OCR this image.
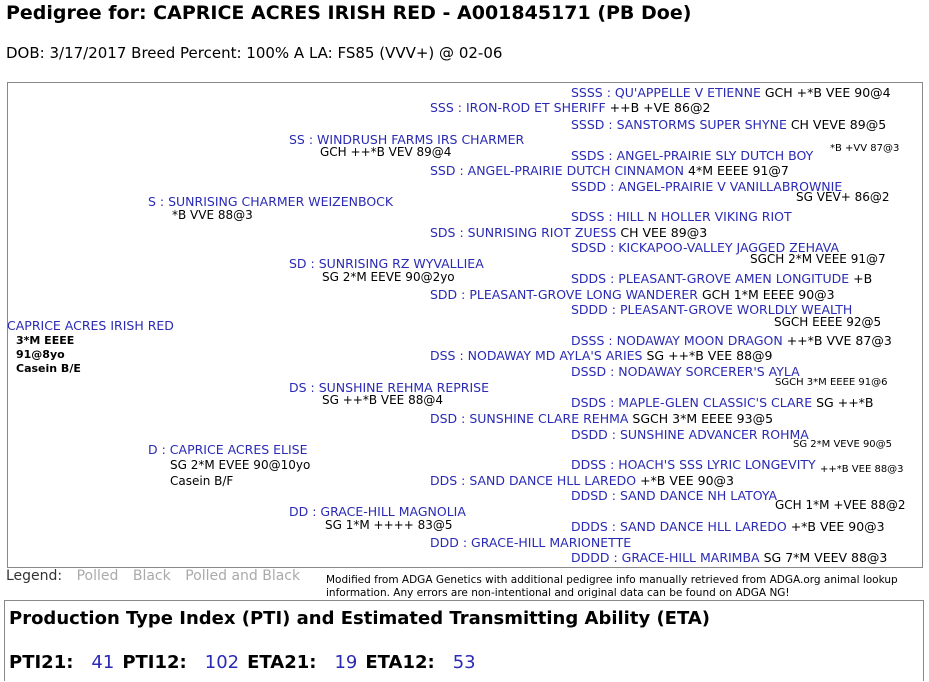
Pedigree for: CAPRICE ACRES IRISH RED - A001845171 (PB Doe)
DOB: 3/17/2017 Breed Percent: 100% A LA: FS85 (VVV+) @ 02-06
CAPRICE ACRES IRISH RED
3*M EEEE
91@8yo
Casein B/E
S : SUNRISING CHARMER WEIZENBOCK
*B VVE 88@3
SS : WINDRUSH FARMS IRS CHARMER
GCH ++*B VEV 89@4
SSS : IRON-ROD ET SHERIFF ++B +VE 86@2
SSSS : QU'APPELLE V ETIENNE GCH +*B VEE 90@4
SSSD : SANSTORMS SUPER SHYNE CH VEVE 89@5
SSD : ANGEL-PRAIRIE DUTCH CINNAMON 4*M EEEE 91@7
SSDS : ANGEL-PRAIRIE SLY DUTCH BOY *B +VV 87@3
SSDD : ANGEL-PRAIRIE V VANILLABROWNIE
SG VEV+ 86@2
SD : SUNRISING RZ WYVALLIEA
SG 2*M EEVE 90@2yo
SDS : SUNRISING RIOT ZUESS CH VEE 89@3
SDSS : HILL N HOLLER VIKING RIOT
SDSD : KICKAPOO-VALLEY JAGGED ZEHAVA
SGCH 2*M VEEE 91@7
SDD : PLEASANT-GROVE LONG WANDERER GCH 1*M EEEE 90@3
SDDS : PLEASANT-GROVE AMEN LONGITUDE +B
SDDD : PLEASANT-GROVE WORLDLY WEALTH
SGCH EEEE 92@5
D : CAPRICE ACRES ELISE
SG 2*M EVEE 90@10yo
Casein B/F
DS : SUNSHINE REHMA REPRISE
SG ++*B VEE 88@4
DSS : NODAWAY MD AYLA'S ARIES SG ++*B VEE 88@9
DSSS : NODAWAY MOON DRAGON ++*B VVE 87@3
DSSD : NODAWAY SORCERER'S AYLA
SGCH 3*M EEEE 91@6
DSD : SUNSHINE CLARE REHMA SGCH 3*M EEEE 93@5
DSDS : MAPLE-GLEN CLASSIC'S CLARE SG ++*B
DSDD : SUNSHINE ADVANCER ROHMA
SG 2*M VEVE 90@5
DD : GRACE-HILL MAGNOLIA
SG 1*M ++++ 83@5
DDS : SAND DANCE HLL LAREDO +*B VEE 90@3
DDSS : HOACH'S SSS LYRIC LONGEVITY ++*B VEE 88@3
DDSD : SAND DANCE NH LATOYA
GCH 1*M +VEE 88@2
DDD : GRACE-HILL MARIONETTE
DDDS : SAND DANCE HLL LAREDO +*B VEE 90@3
DDDD : GRACE-HILL MARIMBA SG 7*M VEEV 88@3
Legend: Polled Black Polled and Black	Modified from ADGA Genetics with additional pedigree info manually retrieved from ADGA.org animal lookup information. Any errors are non-intentional and original data can be found on ADGA NG!
Production Type Index (PTI) and Estimated Transmitting Ability (ETA)
PTI21: 41 PTI12: 102 ETA21: 19 ETA12: 53
